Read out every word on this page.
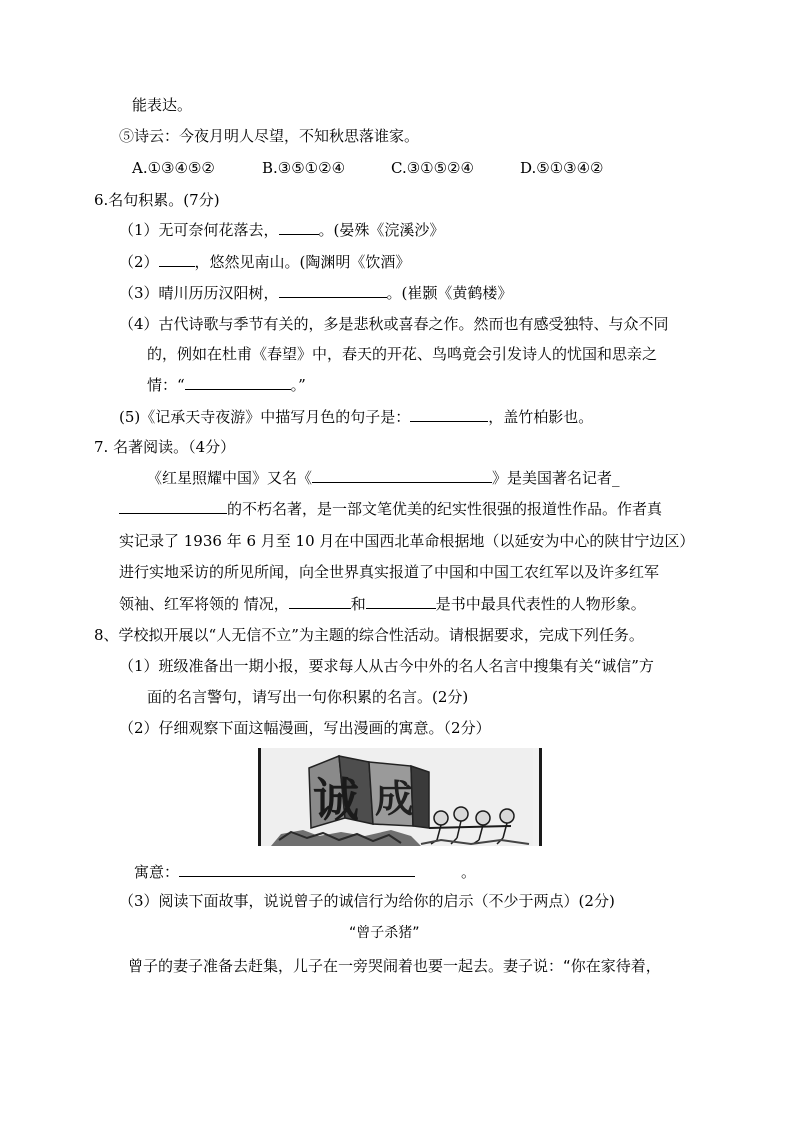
能表达。
⑤诗云：今夜月明人尽望，不知秋思落谁家。
A.①③④⑤②	B.③⑤①②④	C.③①⑤②④	D.⑤①③④②
6.名句积累。(7分)
（1）无可奈何花落去，	。(晏殊《浣溪沙》
（2） ，悠然见南山。(陶渊明《饮酒》
（3）晴川历历汉阳树，	。(崔颢《黄鹤楼》
（4）古代诗歌与季节有关的，多是悲秋或喜春之作。然而也有感受独特、与众不同
的，例如在杜甫《春望》中，春天的开花、鸟鸣竟会引发诗人的忧国和思亲之
情：“	。”
(5)《记承天寺夜游》中描写月色的句子是：	，盖竹柏影也。
7. 名著阅读。（4分）
《红星照耀中国》又名《	》是美国著名记者_
的不朽名著，是一部文笔优美的纪实性很强的报道性作品。作者真
实记录了 1936 年 6 月至 10 月在中国西北革命根据地（以延安为中心的陕甘宁边区）
进行实地采访的所见所闻，向全世界真实报道了中国和中国工农红军以及许多红军
领袖、红军将领的 情况，	和	是书中最具代表性的人物形象。
8、学校拟开展以“人无信不立”为主题的综合性活动。请根据要求，完成下列任务。
（1）班级准备出一期小报，要求每人从古今中外的名人名言中搜集有关“诚信”方
面的名言警句，请写出一句你积累的名言。(2分)
（2）仔细观察下面这幅漫画，写出漫画的寓意。（2分）
诚 成
寓意：	。
（3）阅读下面故事，说说曾子的诚信行为给你的启示（不少于两点）(2分)
“曾子杀猪”
曾子的妻子准备去赶集，儿子在一旁哭闹着也要一起去。妻子说：“你在家待着，
